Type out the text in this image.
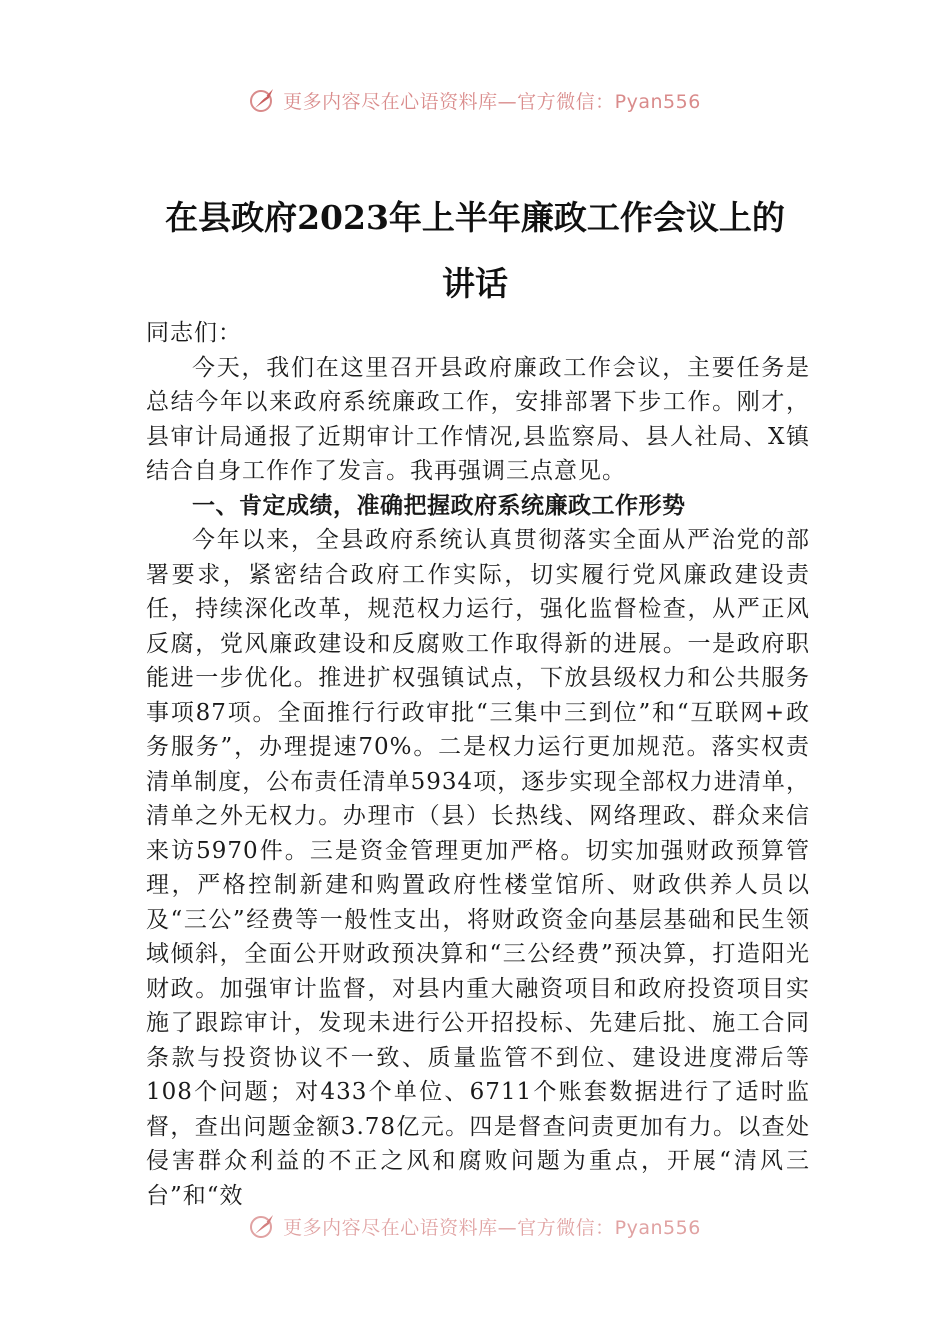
更多内容尽在心语资料库—官方微信：Pyan556
在县政府2023年上半年廉政工作会议上的
讲话

同志们：

今天，我们在这里召开县政府廉政工作会议，主要任务是总结今年以来政府系统廉政工作，安排部署下步工作。刚才，县审计局通报了近期审计工作情况,县监察局、县人社局、X镇结合自身工作作了发言。我再强调三点意见。

一、肯定成绩，准确把握政府系统廉政工作形势

今年以来，全县政府系统认真贯彻落实全面从严治党的部署要求，紧密结合政府工作实际，切实履行党风廉政建设责任，持续深化改革，规范权力运行，强化监督检查，从严正风反腐，党风廉政建设和反腐败工作取得新的进展。一是政府职能进一步优化。推进扩权强镇试点，下放县级权力和公共服务事项87项。全面推行行政审批“三集中三到位”和“互联网+政务服务”，办理提速70%。二是权力运行更加规范。落实权责清单制度，公布责任清单5934项，逐步实现全部权力进清单，清单之外无权力。办理市（县）长热线、网络理政、群众来信来访5970件。三是资金管理更加严格。切实加强财政预算管理，严格控制新建和购置政府性楼堂馆所、财政供养人员以及“三公”经费等一般性支出，将财政资金向基层基础和民生领域倾斜，全面公开财政预决算和“三公经费”预决算，打造阳光财政。加强审计监督，对县内重大融资项目和政府投资项目实施了跟踪审计，发现未进行公开招投标、先建后批、施工合同条款与投资协议不一致、质量监管不到位、建设进度滞后等108个问题；对433个单位、6711个账套数据进行了适时监督，查出问题金额3.78亿元。四是督查问责更加有力。以查处侵害群众利益的不正之风和腐败问题为重点，开展“清风三台”和“效

更多内容尽在心语资料库—官方微信：Pyan556
